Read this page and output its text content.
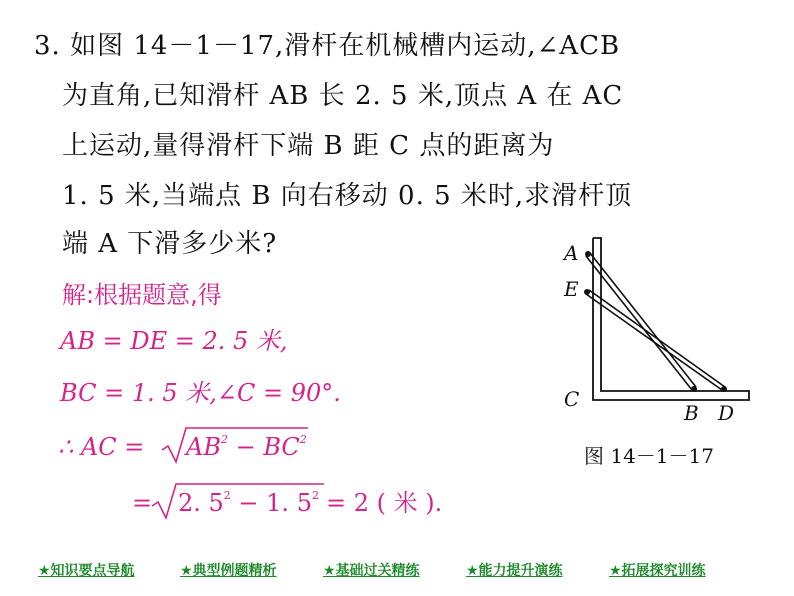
3. 如图 14－1－17,滑杆在机械槽内运动,∠ACB
为直角,已知滑杆 AB 长 2. 5 米,顶点 A 在 AC
上运动,量得滑杆下端 B 距 C 点的距离为
1. 5 米,当端点 B 向右移动 0. 5 米时,求滑杆顶
端 A 下滑多少米?
解:根据题意,得
AB = DE = 2. 5 米,
BC = 1. 5 米,∠C = 90°.
∴ AC = $AB^2 - BC^2$
= 2. $5^2 - 1$. $5^2 = 2$ ( 米 ).
A
E
C
B D
图 14－1－17
★知识要点导航	★典型例题精析	★基础过关精练	★能力提升演练	★拓展探究训练
